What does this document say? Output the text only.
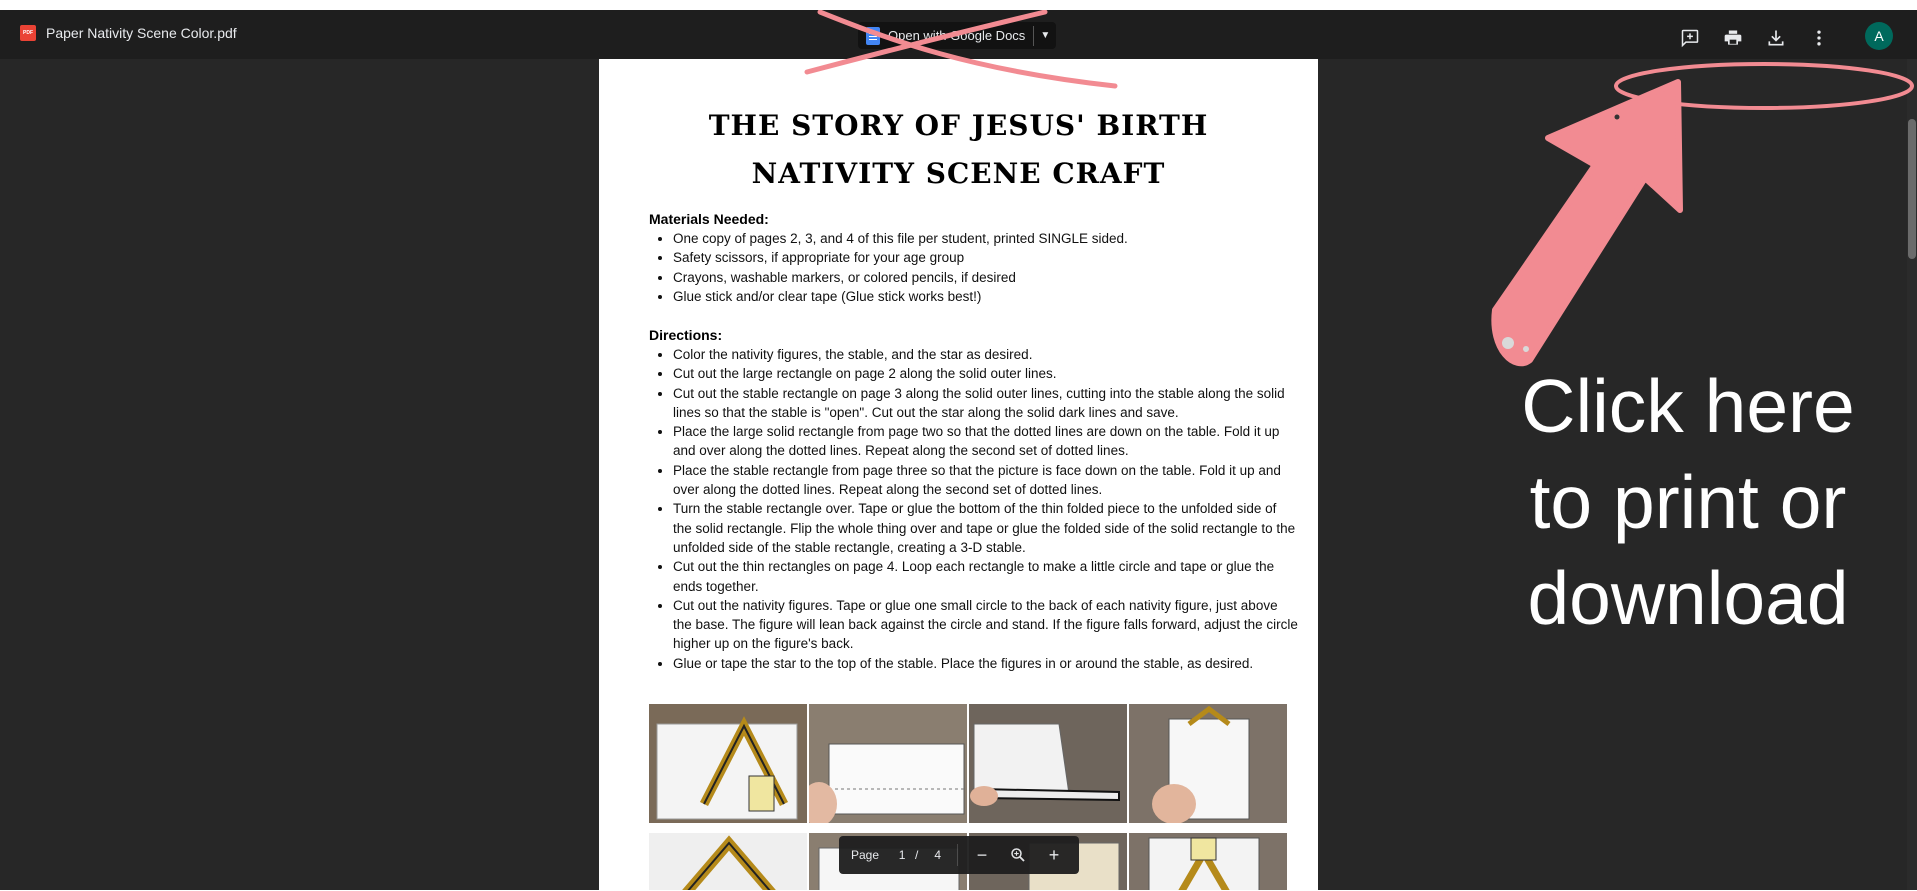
PDF Paper Nativity Scene Color.pdf	Open with Google Docs	▼	A
THE STORY OF JESUS' BIRTH
NATIVITY SCENE CRAFT
Materials Needed:
• One copy of pages 2, 3, and 4 of this file per student, printed SINGLE sided.
• Safety scissors, if appropriate for your age group
• Crayons, washable markers, or colored pencils, if desired
• Glue stick and/or clear tape (Glue stick works best!)
Directions:
• Color the nativity figures, the stable, and the star as desired.
• Cut out the large rectangle on page 2 along the solid outer lines.
• Cut out the stable rectangle on page 3 along the solid outer lines, cutting into the stable along the solid lines so that the stable is "open". Cut out the star along the solid dark lines and save.
• Place the large solid rectangle from page two so that the dotted lines are down on the table. Fold it up and over along the dotted lines. Repeat along the second set of dotted lines.
• Place the stable rectangle from page three so that the picture is face down on the table. Fold it up and over along the dotted lines. Repeat along the second set of dotted lines.
• Turn the stable rectangle over. Tape or glue the bottom of the thin folded piece to the unfolded side of the solid rectangle. Flip the whole thing over and tape or glue the folded side of the solid rectangle to the unfolded side of the stable rectangle, creating a 3-D stable.
• Cut out the thin rectangles on page 4. Loop each rectangle to make a little circle and tape or glue the ends together.
• Cut out the nativity figures. Tape or glue one small circle to the back of each nativity figure, just above the base. The figure will lean back against the circle and stand. If the figure falls forward, adjust the circle higher up on the figure's back.
• Glue or tape the star to the top of the stable. Place the figures in or around the stable, as desired.
Page	1 / 4	−	+
Click here to print or download
